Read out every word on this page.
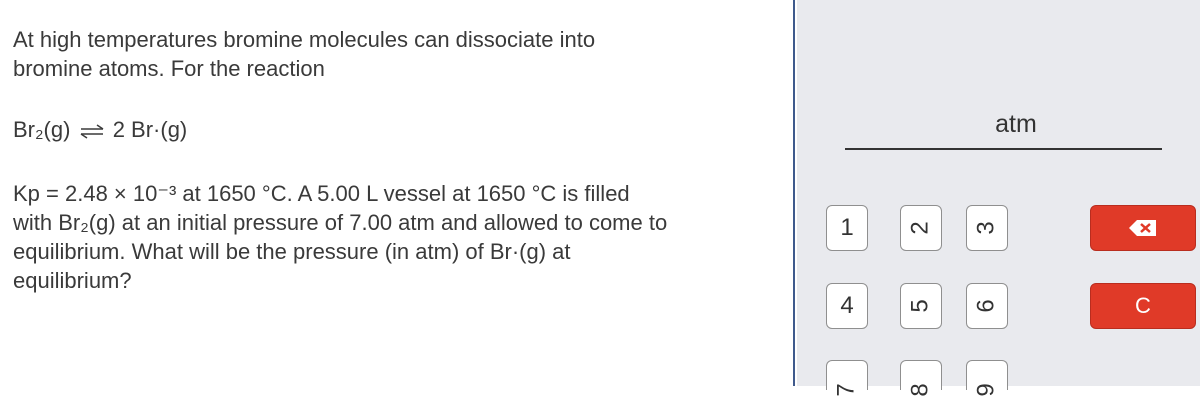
At high temperatures bromine molecules can dissociate into
bromine atoms. For the reaction
Br₂(g) ⇌ 2 Br·(g)
Kp = 2.48 × 10⁻³ at 1650 °C. A 5.00 L vessel at 1650 °C is filled
with Br₂(g) at an initial pressure of 7.00 atm and allowed to come to
equilibrium. What will be the pressure (in atm) of Br·(g) at
equilibrium?
atm
1 2 3
4 5 6
7 8 9
C
